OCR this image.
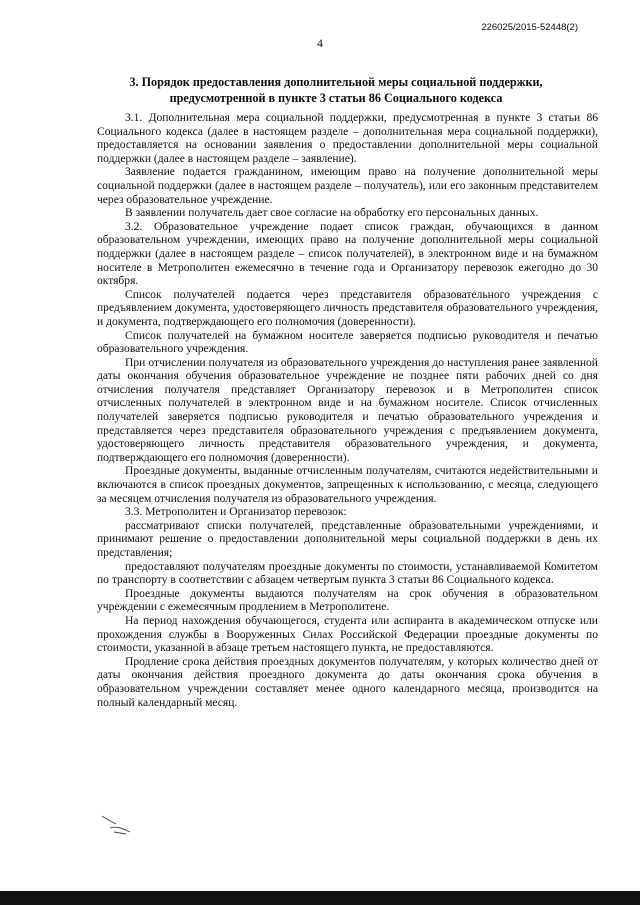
226025/2015-52448(2)
4
3. Порядок предоставления дополнительной меры социальной поддержки,
предусмотренной в пункте 3 статьи 86 Социального кодекса

3.1. Дополнительная мера социальной поддержки, предусмотренная в пункте 3 статьи 86 Социального кодекса (далее в настоящем разделе – дополнительная мера социальной поддержки), предоставляется на основании заявления о предоставлении дополнительной меры социальной поддержки (далее в настоящем разделе – заявление).

Заявление подается гражданином, имеющим право на получение дополнительной меры социальной поддержки (далее в настоящем разделе – получатель), или его законным представителем через образовательное учреждение.

В заявлении получатель дает свое согласие на обработку его персональных данных.

3.2. Образовательное учреждение подает список граждан, обучающихся в данном образовательном учреждении, имеющих право на получение дополнительной меры социальной поддержки (далее в настоящем разделе – список получателей), в электронном виде и на бумажном носителе в Метрополитен ежемесячно в течение года и Организатору перевозок ежегодно до 30 октября.

Список получателей подается через представителя образовательного учреждения с предъявлением документа, удостоверяющего личность представителя образовательного учреждения, и документа, подтверждающего его полномочия (доверенности).

Список получателей на бумажном носителе заверяется подписью руководителя и печатью образовательного учреждения.

При отчислении получателя из образовательного учреждения до наступления ранее заявленной даты окончания обучения образовательное учреждение не позднее пяти рабочих дней со дня отчисления получателя представляет Организатору перевозок и в Метрополитен список отчисленных получателей в электронном виде и на бумажном носителе. Список отчисленных получателей заверяется подписью руководителя и печатью образовательного учреждения и представляется через представителя образовательного учреждения с предъявлением документа, удостоверяющего личность представителя образовательного учреждения, и документа, подтверждающего его полномочия (доверенности).

Проездные документы, выданные отчисленным получателям, считаются недействительными и включаются в список проездных документов, запрещенных к использованию, с месяца, следующего за месяцем отчисления получателя из образовательного учреждения.

3.3. Метрополитен и Организатор перевозок:

рассматривают списки получателей, представленные образовательными учреждениями, и принимают решение о предоставлении дополнительной меры социальной поддержки в день их представления;

предоставляют получателям проездные документы по стоимости, устанавливаемой Комитетом по транспорту в соответствии с абзацем четвертым пункта 3 статьи 86 Социального кодекса.

Проездные документы выдаются получателям на срок обучения в образовательном учреждении с ежемесячным продлением в Метрополитене.

На период нахождения обучающегося, студента или аспиранта в академическом отпуске или прохождения службы в Вооруженных Силах Российской Федерации проездные документы по стоимости, указанной в абзаце третьем настоящего пункта, не предоставляются.

Продление срока действия проездных документов получателям, у которых количество дней от даты окончания действия проездного документа до даты окончания срока обучения в образовательном учреждении составляет менее одного календарного месяца, производится на полный календарный месяц.
